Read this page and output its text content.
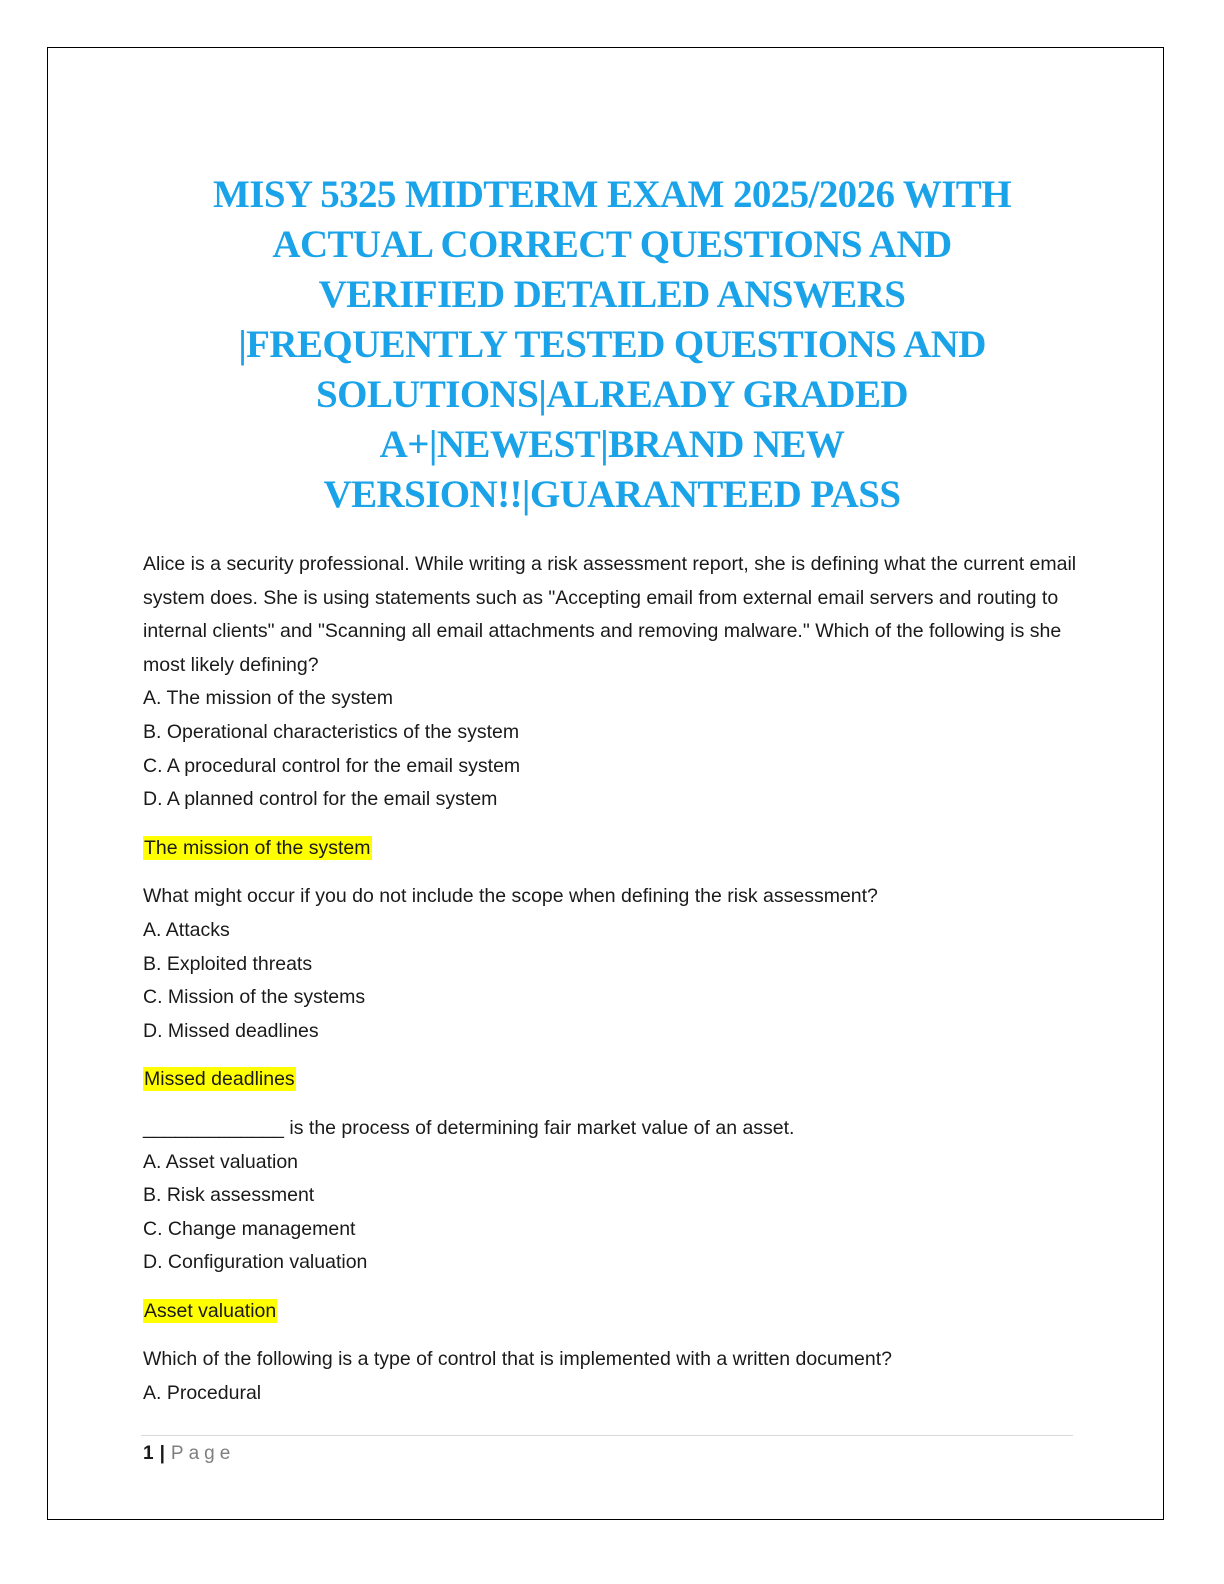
MISY 5325 MIDTERM EXAM 2025/2026 WITH
ACTUAL CORRECT QUESTIONS AND
VERIFIED DETAILED ANSWERS
|FREQUENTLY TESTED QUESTIONS AND
SOLUTIONS|ALREADY GRADED
A+|NEWEST|BRAND NEW
VERSION!!|GUARANTEED PASS

Alice is a security professional. While writing a risk assessment report, she is defining what the current email system does. She is using statements such as "Accepting email from external email servers and routing to internal clients" and "Scanning all email attachments and removing malware." Which of the following is she most likely defining?

A. The mission of the system

B. Operational characteristics of the system

C. A procedural control for the email system

D. A planned control for the email system

The mission of the system

What might occur if you do not include the scope when defining the risk assessment?

A. Attacks

B. Exploited threats

C. Mission of the systems

D. Missed deadlines

Missed deadlines

_____________ is the process of determining fair market value of an asset.

A. Asset valuation

B. Risk assessment

C. Change management

D. Configuration valuation

Asset valuation

Which of the following is a type of control that is implemented with a written document?

A. Procedural

1 | Page
